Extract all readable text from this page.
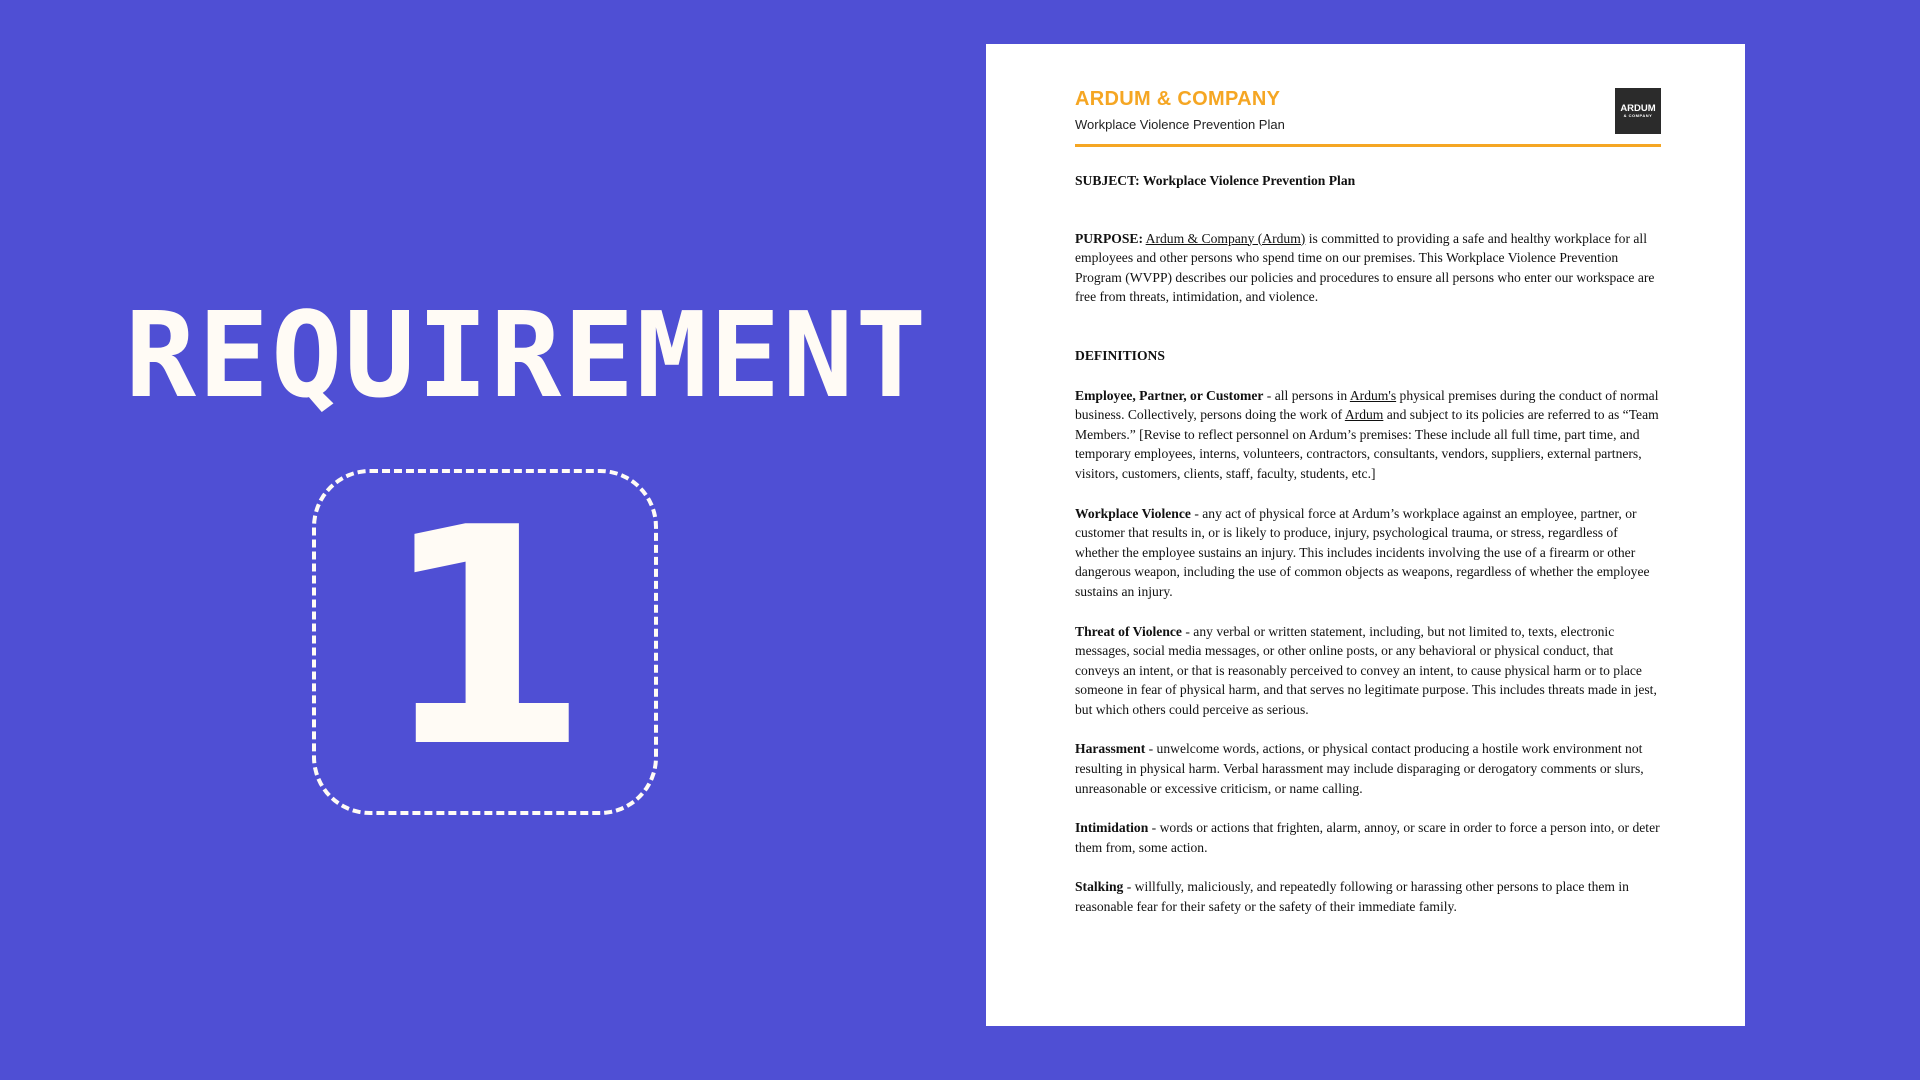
REQUIREMENT
1
ARDUM & COMPANY
Workplace Violence Prevention Plan
ARDUM
& COMPANY

SUBJECT: Workplace Violence Prevention Plan

PURPOSE: Ardum & Company (Ardum) is committed to providing a safe and healthy workplace for all employees and other persons who spend time on our premises. This Workplace Violence Prevention Program (WVPP) describes our policies and procedures to ensure all persons who enter our workspace are free from threats, intimidation, and violence.

DEFINITIONS

Employee, Partner, or Customer - all persons in Ardum's physical premises during the conduct of normal business. Collectively, persons doing the work of Ardum and subject to its policies are referred to as “Team Members.” [Revise to reflect personnel on Ardum’s premises: These include all full time, part time, and temporary employees, interns, volunteers, contractors, consultants, vendors, suppliers, external partners, visitors, customers, clients, staff, faculty, students, etc.]

Workplace Violence - any act of physical force at Ardum’s workplace against an employee, partner, or customer that results in, or is likely to produce, injury, psychological trauma, or stress, regardless of whether the employee sustains an injury. This includes incidents involving the use of a firearm or other dangerous weapon, including the use of common objects as weapons, regardless of whether the employee sustains an injury.

Threat of Violence - any verbal or written statement, including, but not limited to, texts, electronic messages, social media messages, or other online posts, or any behavioral or physical conduct, that conveys an intent, or that is reasonably perceived to convey an intent, to cause physical harm or to place someone in fear of physical harm, and that serves no legitimate purpose. This includes threats made in jest, but which others could perceive as serious.

Harassment - unwelcome words, actions, or physical contact producing a hostile work environment not resulting in physical harm. Verbal harassment may include disparaging or derogatory comments or slurs, unreasonable or excessive criticism, or name calling.

Intimidation - words or actions that frighten, alarm, annoy, or scare in order to force a person into, or deter them from, some action.

Stalking - willfully, maliciously, and repeatedly following or harassing other persons to place them in reasonable fear for their safety or the safety of their immediate family.
